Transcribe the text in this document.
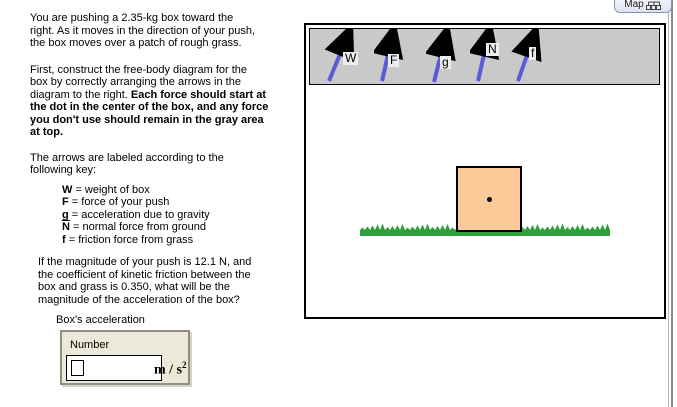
You are pushing a 2.35-kg box toward the
right. As it moves in the direction of your push,
the box moves over a patch of rough grass.

First, construct the free-body diagram for the
box by correctly arranging the arrows in the
diagram to the right. Each force should start at
the dot in the center of the box, and any force
you don't use should remain in the gray area
at top.

The arrows are labeled according to the
following key:

W = weight of box
F = force of your push
g = acceleration due to gravity
$\overline{N}$ = normal force from ground
f = friction force from grass

If the magnitude of your push is 12.1 N, and
the coefficient of kinetic friction between the
box and grass is 0.350, what will be the
magnitude of the acceleration of the box?

Box's acceleration
Number
m / $s^2$
W	F	g
N	f
Map
